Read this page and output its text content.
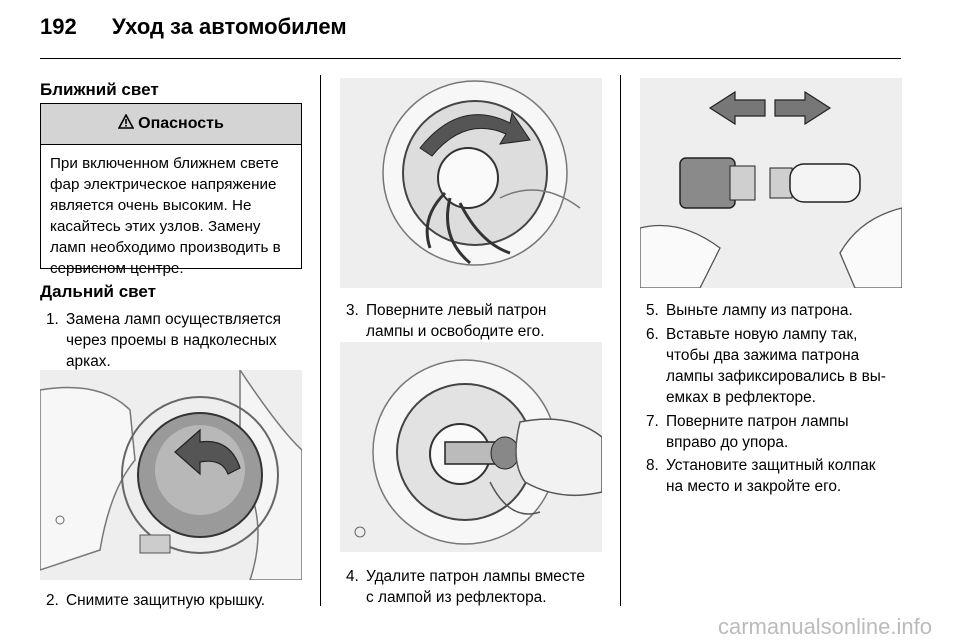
192 Уход за автомобилем
Ближний свет
Опасность
При включенном ближнем свете фар электрическое напряжение является очень высоким. Не касайтесь этих узлов. Замену ламп необходимо производить в сервисном центре.
Дальний свет
1. Замена ламп осуществляется
через проемы в надколесных
арках.
2. Снимите защитную крышку.
3. Поверните левый патрон
лампы и освободите его.
4. Удалите патрон лампы вместе
с лампой из рефлектора.
5. Выньте лампу из патрона.
6. Вставьте новую лампу так,
чтобы два зажима патрона
лампы зафиксировались в вы-
емках в рефлекторе.
7. Поверните патрон лампы
вправо до упора.
8. Установите защитный колпак
на место и закройте его.
carmanualsonline.info
